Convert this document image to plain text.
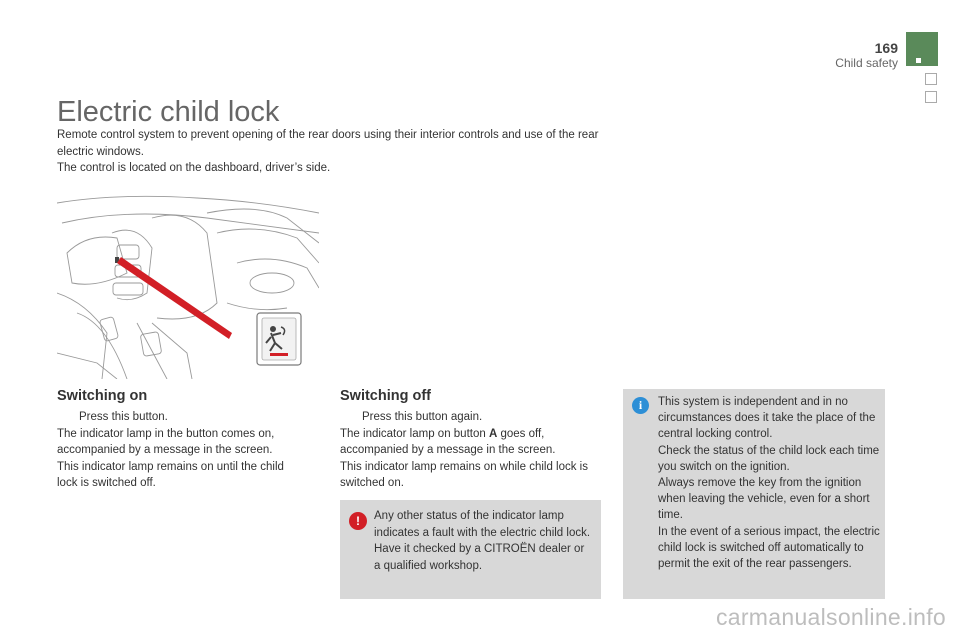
169
Child safety
Electric child lock

Remote control system to prevent opening of the rear doors using their interior controls and use of the rear electric windows.

The control is located on the dashboard, driver’s side.

Switching on

Press this button.

The indicator lamp in the button comes on, accompanied by a message in the screen.

This indicator lamp remains on until the child lock is switched off.

Switching off

Press this button again.

The indicator lamp on button A goes off, accompanied by a message in the screen.

This indicator lamp remains on while child lock is switched on.

!	Any other status of the indicator lamp indicates a fault with the electric child lock. Have it checked by a CITROËN dealer or a qualified workshop.
i	This system is independent and in no circumstances does it take the place of the central locking control.

Check the status of the child lock each time you switch on the ignition.

Always remove the key from the ignition when leaving the vehicle, even for a short time.

In the event of a serious impact, the electric child lock is switched off automatically to permit the exit of the rear passengers.

carmanualsonline.info
